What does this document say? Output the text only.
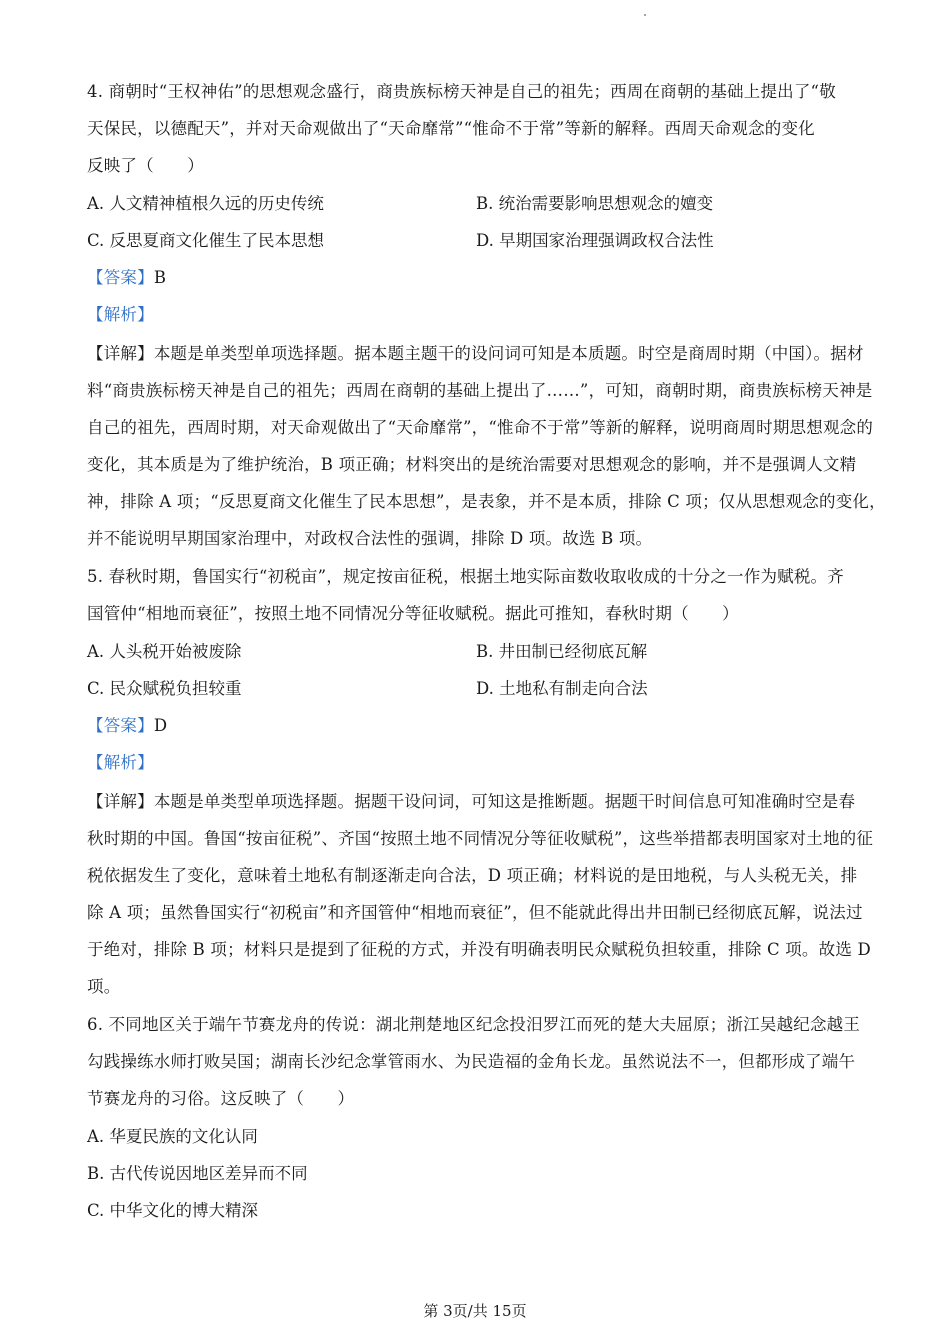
4. 商朝时“王权神佑”的思想观念盛行，商贵族标榜天神是自己的祖先；西周在商朝的基础上提出了“敬
天保民，以德配天”，并对天命观做出了“天命靡常”“惟命不于常”等新的解释。西周天命观念的变化
反映了（　　）
A. 人文精神植根久远的历史传统	B. 统治需要影响思想观念的嬗变
C. 反思夏商文化催生了民本思想	D. 早期国家治理强调政权合法性
【答案】B
【解析】
【详解】本题是单类型单项选择题。据本题主题干的设问词可知是本质题。时空是商周时期（中国）。据材
料“商贵族标榜天神是自己的祖先；西周在商朝的基础上提出了……”，可知，商朝时期，商贵族标榜天神是
自己的祖先，西周时期，对天命观做出了“天命靡常”，“惟命不于常”等新的解释，说明商周时期思想观念的
变化，其本质是为了维护统治，B 项正确；材料突出的是统治需要对思想观念的影响，并不是强调人文精
神，排除 A 项；“反思夏商文化催生了民本思想”，是表象，并不是本质，排除 C 项；仅从思想观念的变化，
并不能说明早期国家治理中，对政权合法性的强调，排除 D 项。故选 B 项。
5. 春秋时期，鲁国实行“初税亩”，规定按亩征税，根据土地实际亩数收取收成的十分之一作为赋税。齐
国管仲“相地而衰征”，按照土地不同情况分等征收赋税。据此可推知，春秋时期（　　）
A. 人头税开始被废除	B. 井田制已经彻底瓦解
C. 民众赋税负担较重	D. 土地私有制走向合法
【答案】D
【解析】
【详解】本题是单类型单项选择题。据题干设问词，可知这是推断题。据题干时间信息可知准确时空是春
秋时期的中国。鲁国“按亩征税”、齐国“按照土地不同情况分等征收赋税”，这些举措都表明国家对土地的征
税依据发生了变化，意味着土地私有制逐渐走向合法，D 项正确；材料说的是田地税，与人头税无关，排
除 A 项；虽然鲁国实行“初税亩”和齐国管仲“相地而衰征”，但不能就此得出井田制已经彻底瓦解，说法过
于绝对，排除 B 项；材料只是提到了征税的方式，并没有明确表明民众赋税负担较重，排除 C 项。故选 D
项。
6. 不同地区关于端午节赛龙舟的传说：湖北荆楚地区纪念投汨罗江而死的楚大夫屈原；浙江吴越纪念越王
勾践操练水师打败吴国；湖南长沙纪念掌管雨水、为民造福的金角长龙。虽然说法不一，但都形成了端午
节赛龙舟的习俗。这反映了（　　）
A. 华夏民族的文化认同
B. 古代传说因地区差异而不同
C. 中华文化的博大精深
第 3页/共 15页
